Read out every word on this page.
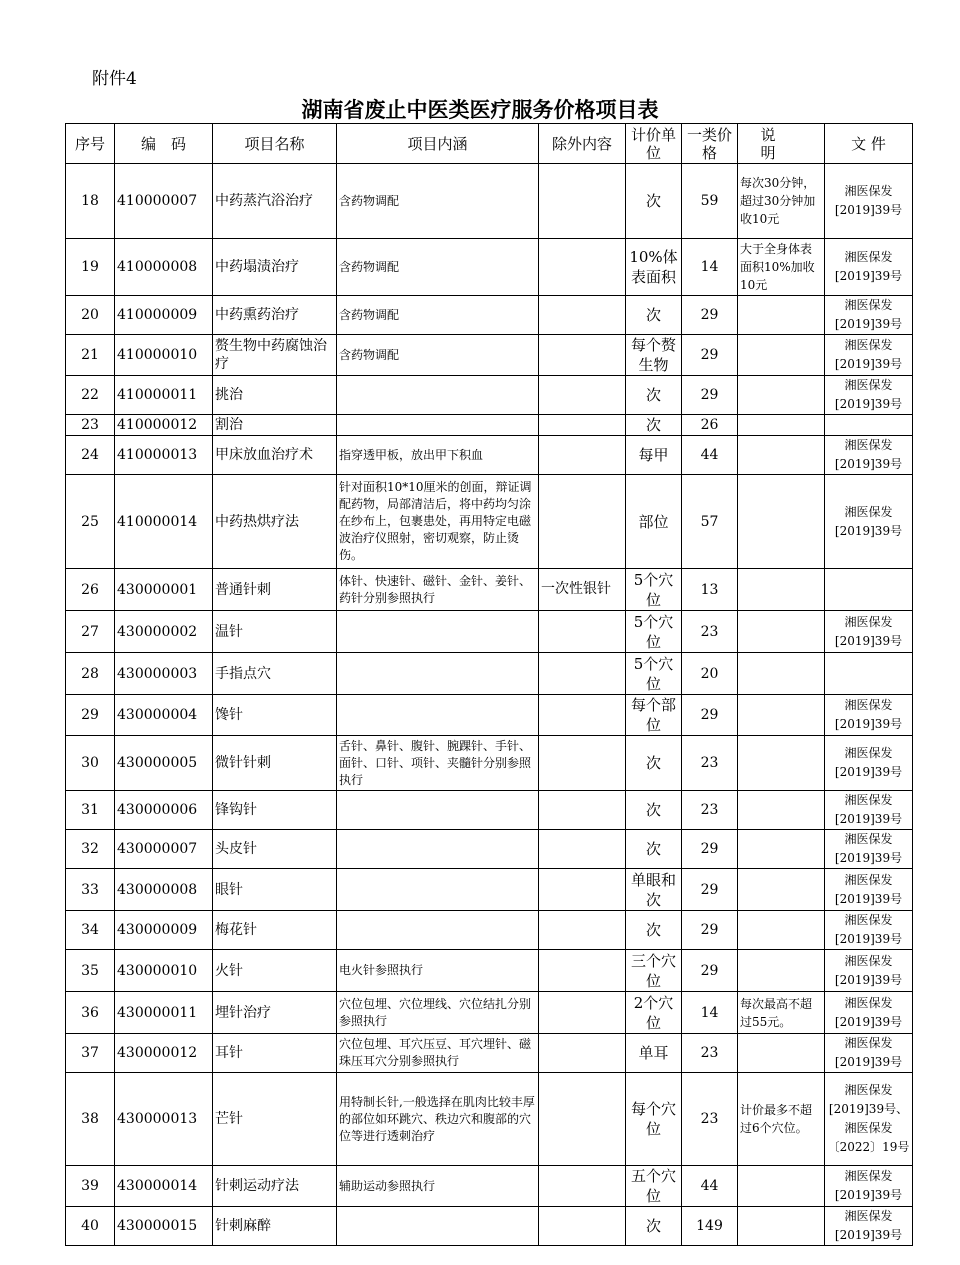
附件4
湖南省废止中医类医疗服务价格项目表
序号	编　码	项目名称	项目内涵	除外内容	计价单位	一类价格	说　明	文 件
18	410000007	中药蒸汽浴治疗	含药物调配		次	59	每次30分钟，超过30分钟加收10元	湘医保发[2019]39号
19	410000008	中药塌渍治疗	含药物调配		10%体表面积	14	大于全身体表面积10%加收10元	湘医保发[2019]39号
20	410000009	中药熏药治疗	含药物调配		次	29		湘医保发[2019]39号
21	410000010	赘生物中药腐蚀治疗	含药物调配		每个赘生物	29		湘医保发[2019]39号
22	410000011	挑治			次	29		湘医保发[2019]39号
23	410000012	割治			次	26		
24	410000013	甲床放血治疗术	指穿透甲板，放出甲下积血		每甲	44		湘医保发[2019]39号
25	410000014	中药热烘疗法	针对面积10*10厘米的创面，辩证调配药物，局部清洁后，将中药均匀涂在纱布上，包裹患处，再用特定电磁波治疗仪照射，密切观察，防止烫伤。		部位	57		湘医保发[2019]39号
26	430000001	普通针刺	体针、快速针、磁针、金针、姜针、药针分别参照执行	一次性银针	5个穴位	13		
27	430000002	温针			5个穴位	23		湘医保发[2019]39号
28	430000003	手指点穴			5个穴位	20		
29	430000004	馋针			每个部位	29		湘医保发[2019]39号
30	430000005	微针针刺	舌针、鼻针、腹针、腕踝针、手针、面针、口针、项针、夹髓针分别参照执行		次	23		湘医保发[2019]39号
31	430000006	锋钩针			次	23		湘医保发[2019]39号
32	430000007	头皮针			次	29		湘医保发[2019]39号
33	430000008	眼针			单眼和次	29		湘医保发[2019]39号
34	430000009	梅花针			次	29		湘医保发[2019]39号
35	430000010	火针	电火针参照执行		三个穴位	29		湘医保发[2019]39号
36	430000011	埋针治疗	穴位包埋、穴位埋线、穴位结扎分别参照执行		2个穴位	14	每次最高不超过55元。	湘医保发[2019]39号
37	430000012	耳针	穴位包埋、耳穴压豆、耳穴埋针、磁珠压耳穴分别参照执行		单耳	23		湘医保发[2019]39号
38	430000013	芒针	用特制长针,一般选择在肌肉比较丰厚的部位如环跳穴、秩边穴和腹部的穴位等进行透刺治疗		每个穴位	23	计价最多不超过6个穴位。	湘医保发[2019]39号、湘医保发〔2022〕19号
39	430000014	针刺运动疗法	辅助运动参照执行		五个穴位	44		湘医保发[2019]39号
40	430000015	针刺麻醉			次	149		湘医保发[2019]39号
